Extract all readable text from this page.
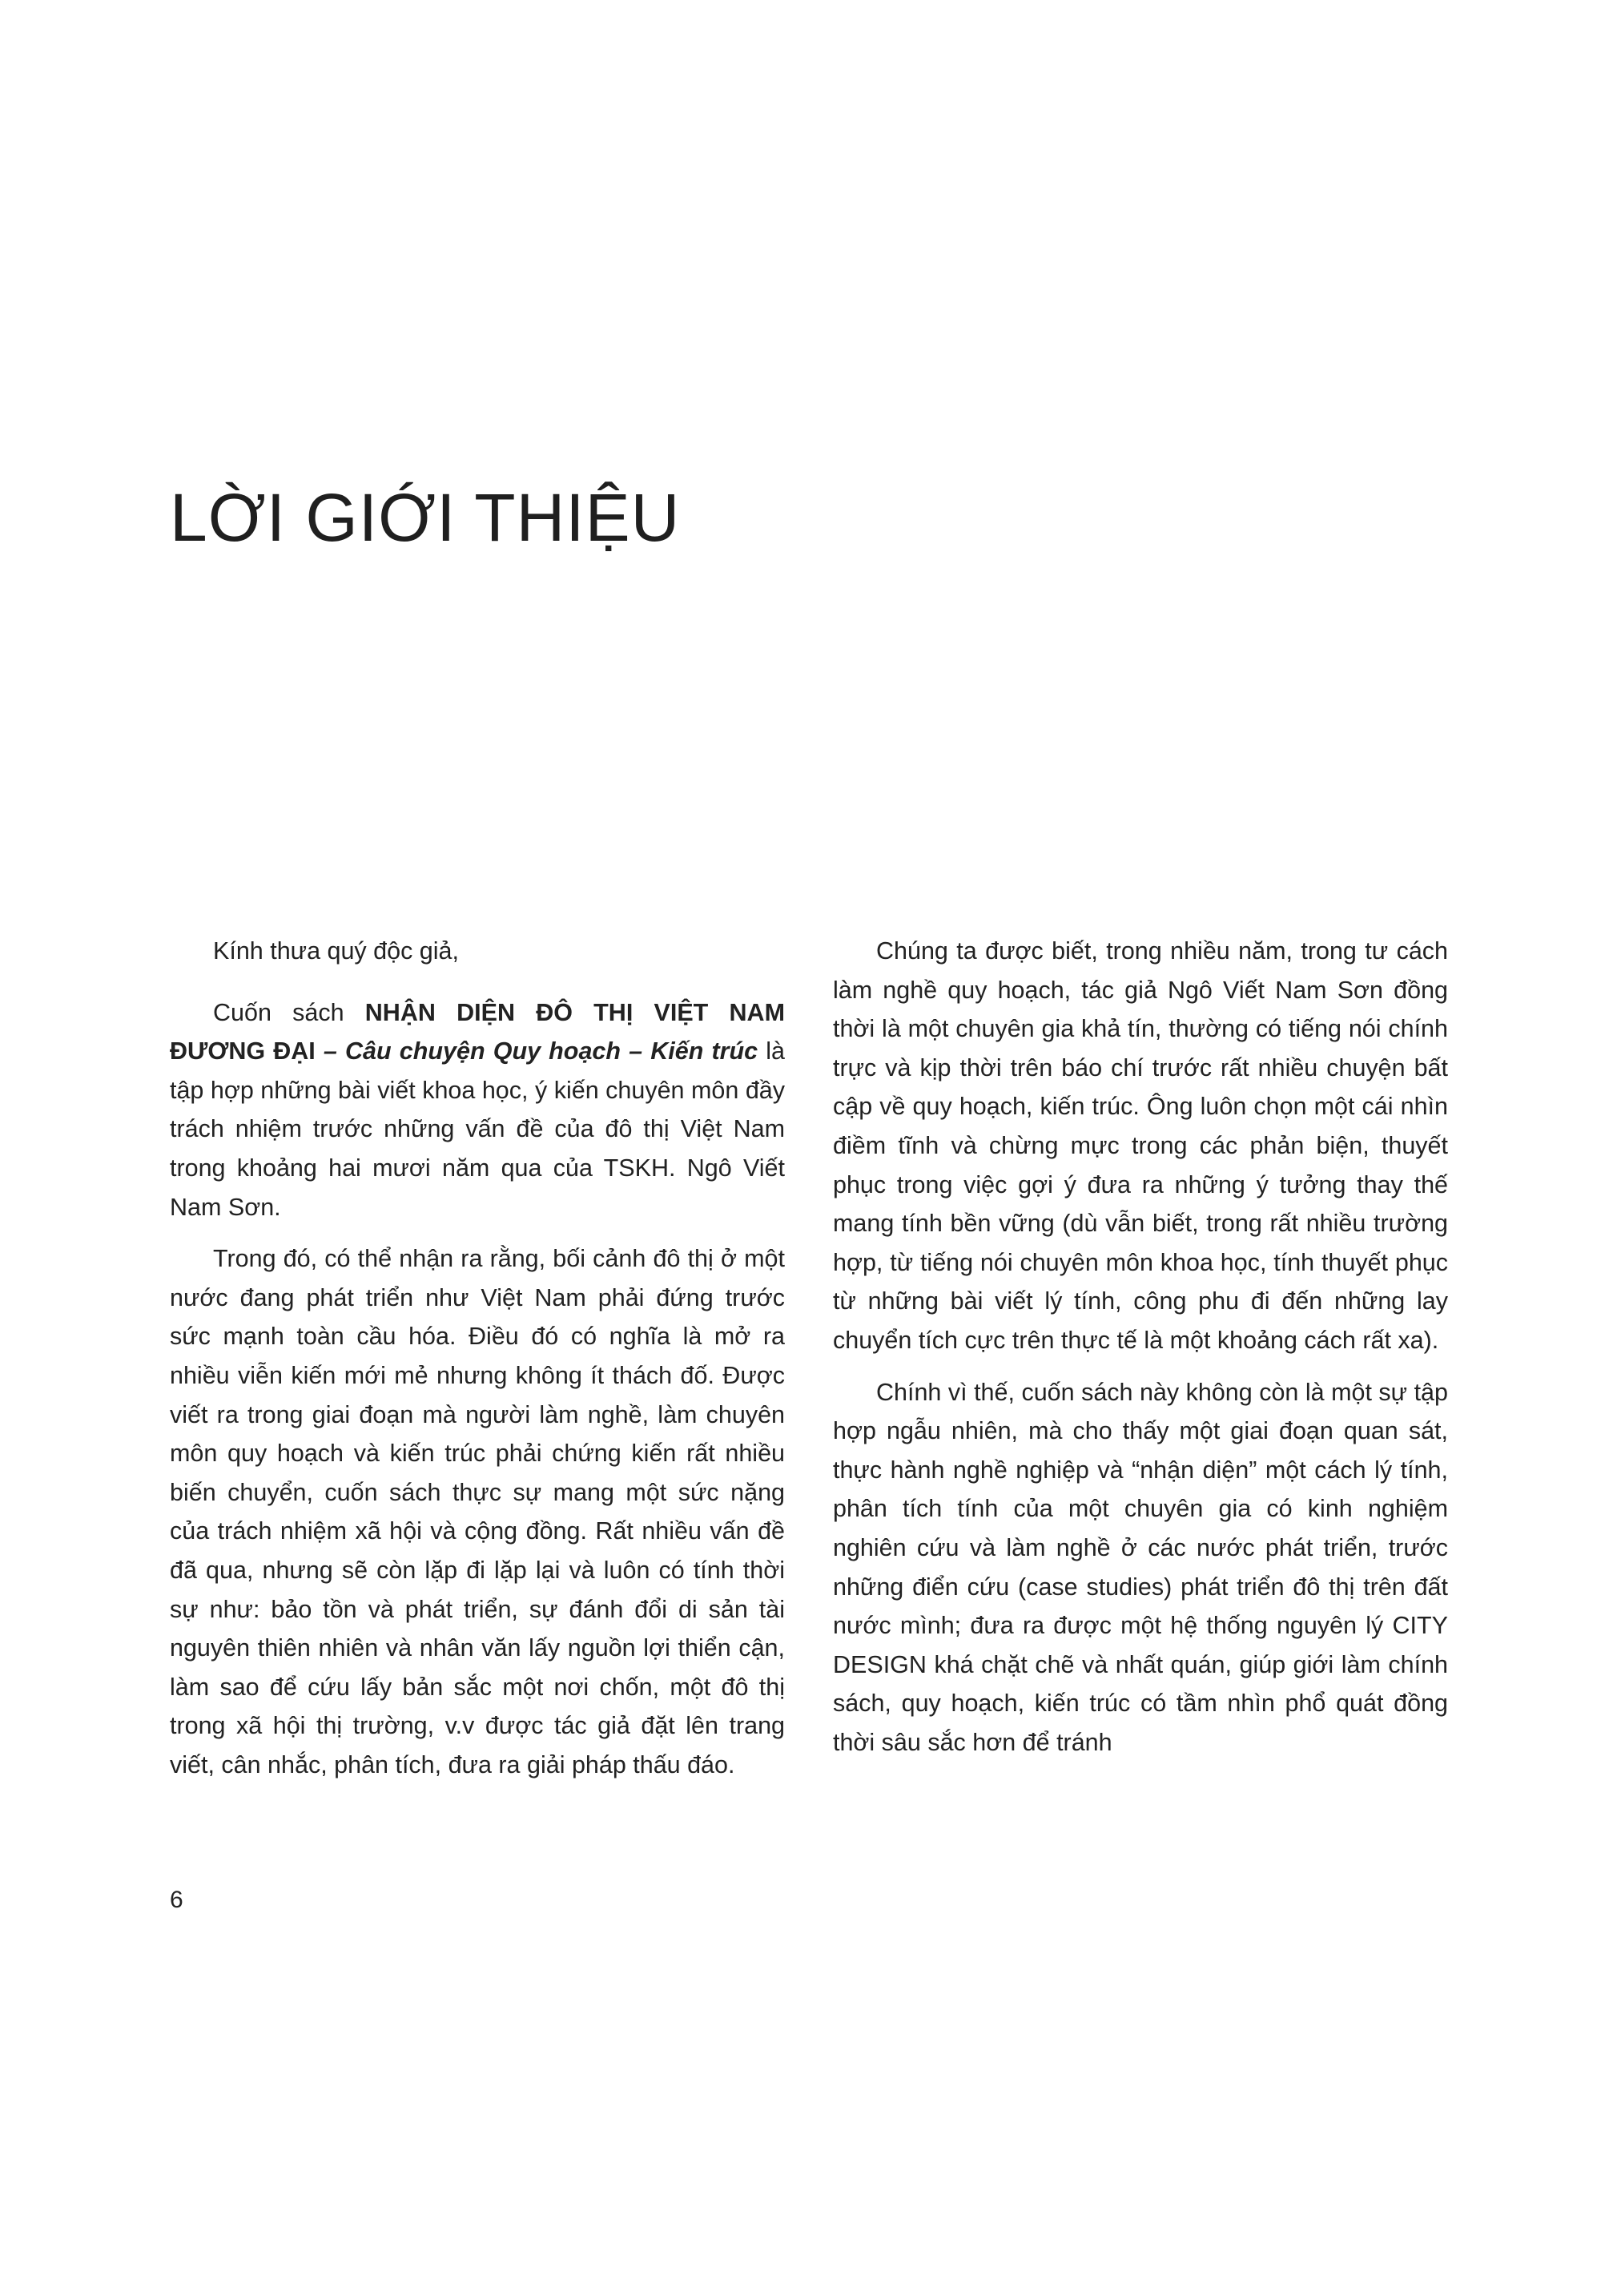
LỜI GIỚI THIỆU

Kính thưa quý độc giả,

Cuốn sách NHẬN DIỆN ĐÔ THỊ VIỆT NAM ĐƯƠNG ĐẠI – Câu chuyện Quy hoạch – Kiến trúc là tập hợp những bài viết khoa học, ý kiến chuyên môn đầy trách nhiệm trước những vấn đề của đô thị Việt Nam trong khoảng hai mươi năm qua của TSKH. Ngô Viết Nam Sơn.

Trong đó, có thể nhận ra rằng, bối cảnh đô thị ở một nước đang phát triển như Việt Nam phải đứng trước sức mạnh toàn cầu hóa. Điều đó có nghĩa là mở ra nhiều viễn kiến mới mẻ nhưng không ít thách đố. Được viết ra trong giai đoạn mà người làm nghề, làm chuyên môn quy hoạch và kiến trúc phải chứng kiến rất nhiều biến chuyển, cuốn sách thực sự mang một sức nặng của trách nhiệm xã hội và cộng đồng. Rất nhiều vấn đề đã qua, nhưng sẽ còn lặp đi lặp lại và luôn có tính thời sự như: bảo tồn và phát triển, sự đánh đổi di sản tài nguyên thiên nhiên và nhân văn lấy nguồn lợi thiển cận, làm sao để cứu lấy bản sắc một nơi chốn, một đô thị trong xã hội thị trường, v.v được tác giả đặt lên trang viết, cân nhắc, phân tích, đưa ra giải pháp thấu đáo.

Chúng ta được biết, trong nhiều năm, trong tư cách làm nghề quy hoạch, tác giả Ngô Viết Nam Sơn đồng thời là một chuyên gia khả tín, thường có tiếng nói chính trực và kịp thời trên báo chí trước rất nhiều chuyện bất cập về quy hoạch, kiến trúc. Ông luôn chọn một cái nhìn điềm tĩnh và chừng mực trong các phản biện, thuyết phục trong việc gợi ý đưa ra những ý tưởng thay thế mang tính bền vững (dù vẫn biết, trong rất nhiều trường hợp, từ tiếng nói chuyên môn khoa học, tính thuyết phục từ những bài viết lý tính, công phu đi đến những lay chuyển tích cực trên thực tế là một khoảng cách rất xa).

Chính vì thế, cuốn sách này không còn là một sự tập hợp ngẫu nhiên, mà cho thấy một giai đoạn quan sát, thực hành nghề nghiệp và “nhận diện” một cách lý tính, phân tích tính của một chuyên gia có kinh nghiệm nghiên cứu và làm nghề ở các nước phát triển, trước những điển cứu (case studies) phát triển đô thị trên đất nước mình; đưa ra được một hệ thống nguyên lý CITY DESIGN khá chặt chẽ và nhất quán, giúp giới làm chính sách, quy hoạch, kiến trúc có tầm nhìn phổ quát đồng thời sâu sắc hơn để tránh

6
